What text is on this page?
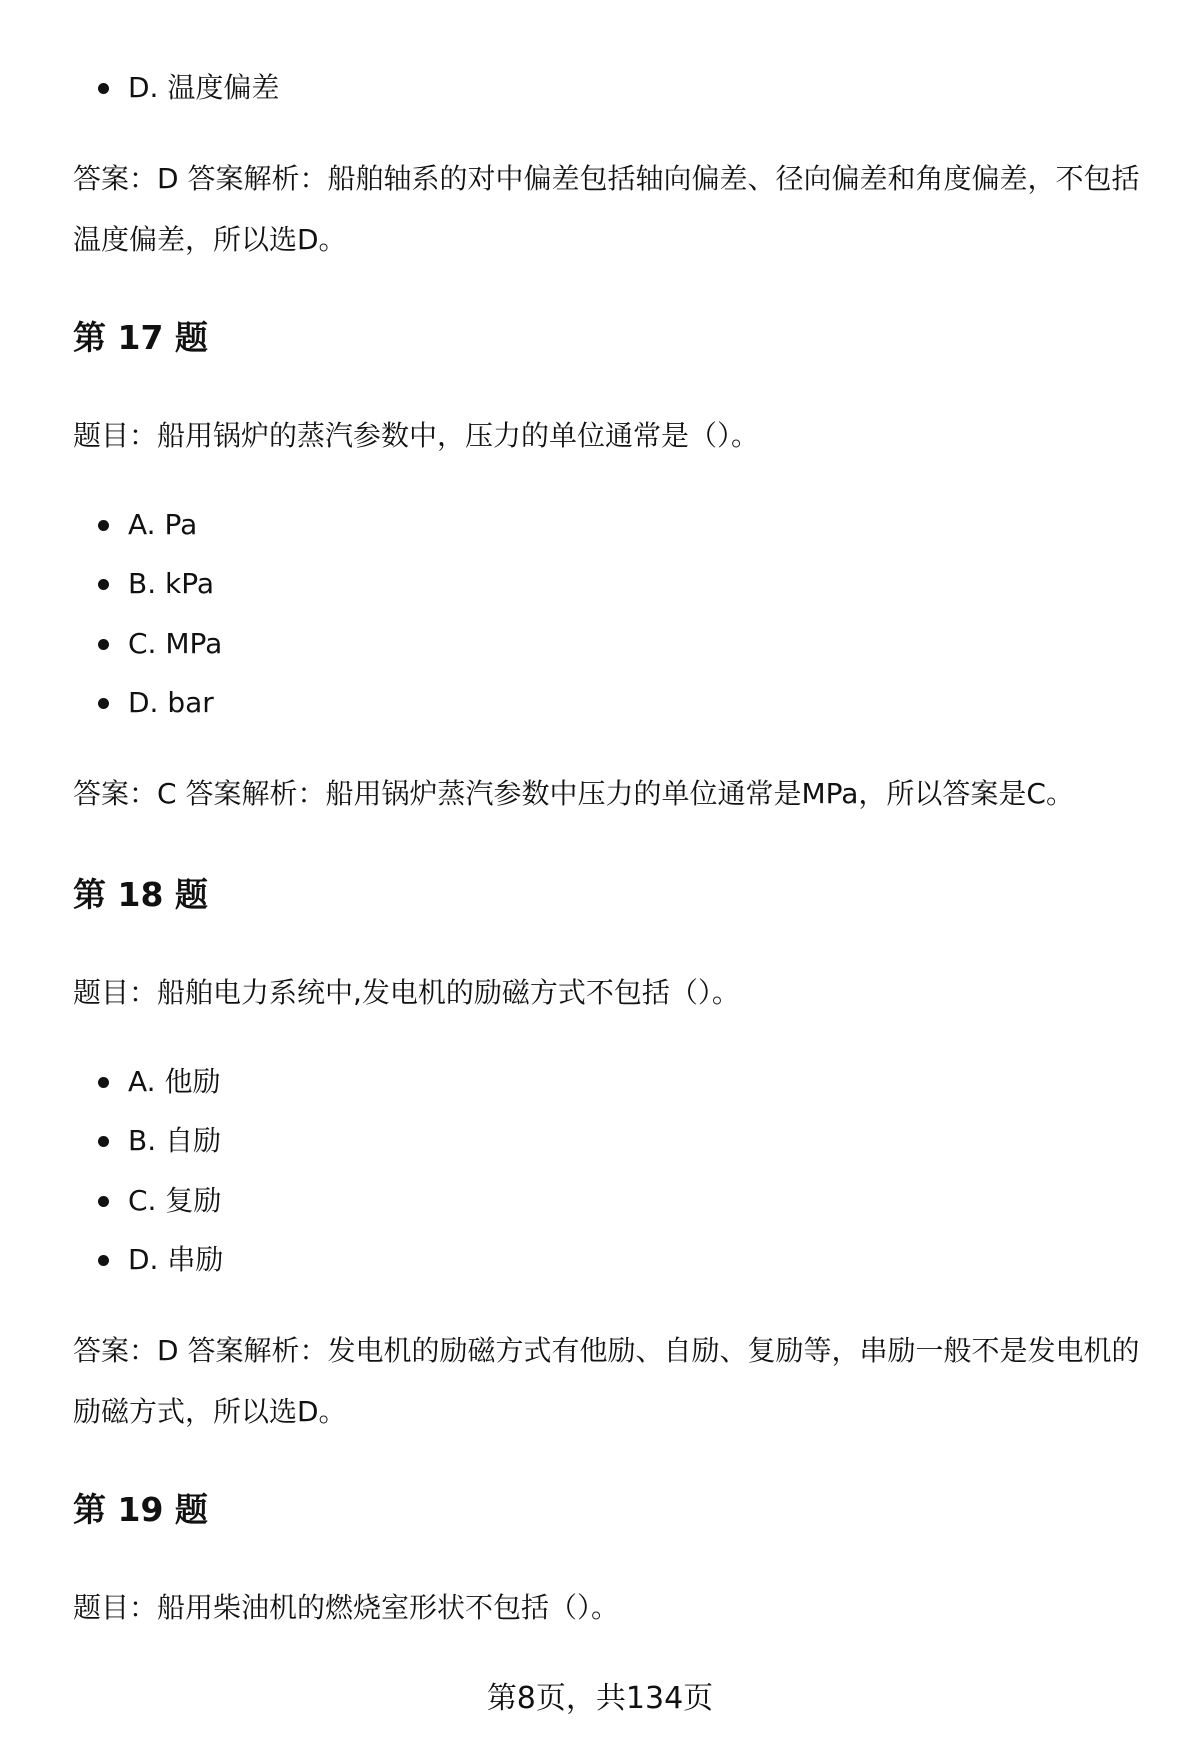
D. 温度偏差
答案：D 答案解析：船舶轴系的对中偏差包括轴向偏差、径向偏差和角度偏差，不包括温度偏差，所以选D。
第 17 题
题目：船用锅炉的蒸汽参数中，压力的单位通常是（）。
A. Pa
B. kPa
C. MPa
D. bar
答案：C 答案解析：船用锅炉蒸汽参数中压力的单位通常是MPa，所以答案是C。
第 18 题
题目：船舶电力系统中,发电机的励磁方式不包括（）。
A. 他励
B. 自励
C. 复励
D. 串励
答案：D 答案解析：发电机的励磁方式有他励、自励、复励等，串励一般不是发电机的励磁方式，所以选D。
第 19 题
题目：船用柴油机的燃烧室形状不包括（）。
第8页，共134页
